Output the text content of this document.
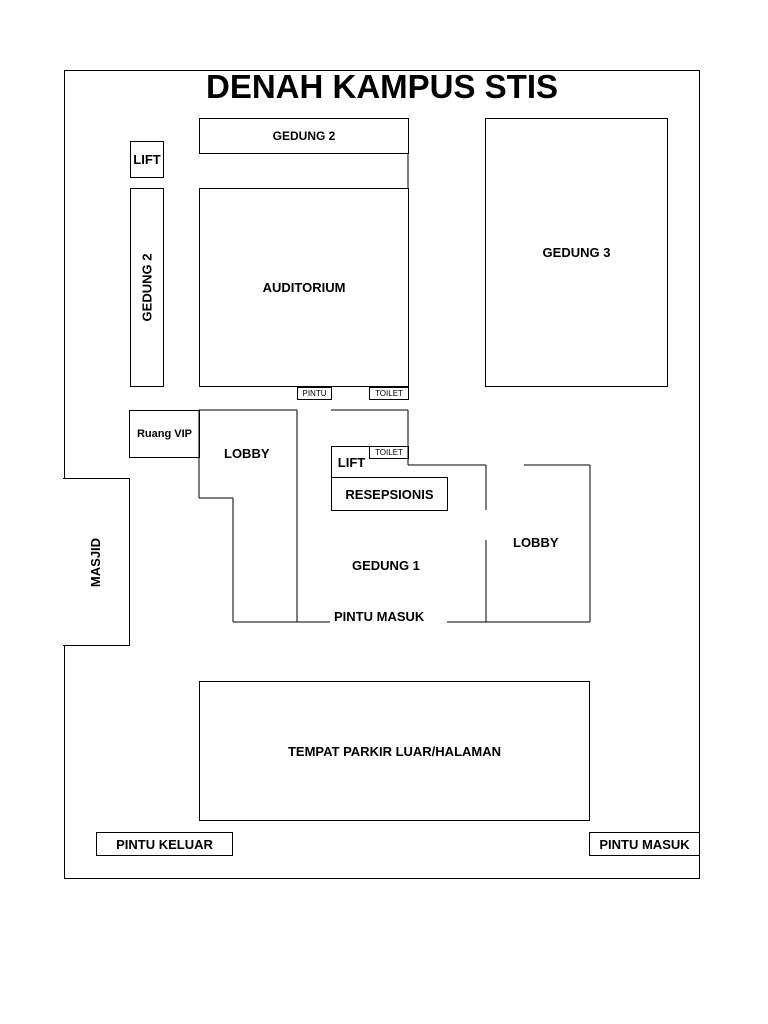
DENAH KAMPUS STIS
GEDUNG 2
LIFT
GEDUNG 2	AUDITORIUM
GEDUNG 3
PINTU	TOILET
Ruang VIP
LIFT
TOILET
RESEPSIONIS
MASJID
TEMPAT PARKIR LUAR/HALAMAN
PINTU KELUAR	PINTU MASUK
LOBBY
LOBBY
GEDUNG 1
PINTU MASUK
